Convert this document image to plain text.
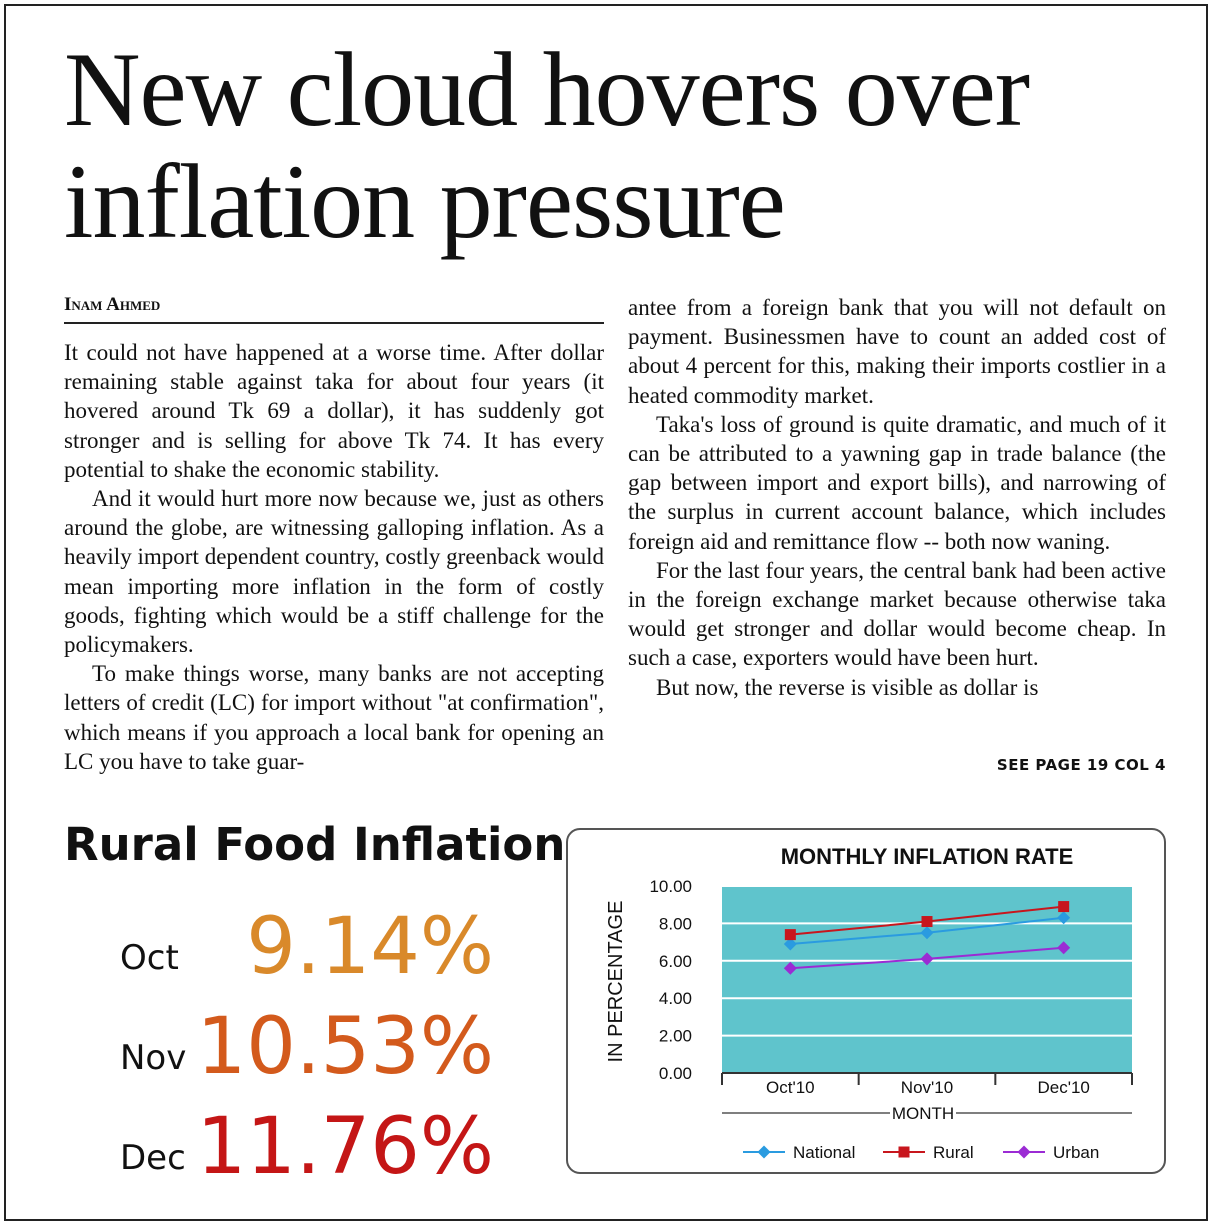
New cloud hovers over inflation pressure
Inam Ahmed

It could not have happened at a worse time. After dollar remaining stable against taka for about four years (it hovered around Tk 69 a dollar), it has suddenly got stronger and is selling for above Tk 74. It has every potential to shake the economic stability.

And it would hurt more now because we, just as others around the globe, are witnessing galloping inflation. As a heavily import dependent country, costly greenback would mean importing more inflation in the form of costly goods, fighting which would be a stiff challenge for the policymakers.

To make things worse, many banks are not accepting letters of credit (LC) for import without "at confirmation", which means if you approach a local bank for opening an LC you have to take guar-

antee from a foreign bank that you will not default on payment. Businessmen have to count an added cost of about 4 percent for this, making their imports costlier in a heated commodity market.

Taka's loss of ground is quite dramatic, and much of it can be attributed to a yawning gap in trade balance (the gap between import and export bills), and narrowing of the surplus in current account balance, which includes foreign aid and remittance flow -- both now waning.

For the last four years, the central bank had been active in the foreign exchange market because otherwise taka would get stronger and dollar would become cheap. In such a case, exporters would have been hurt.

But now, the reverse is visible as dollar is

SEE PAGE 19 COL 4
Rural Food Inflation
Oct 9.14%
Nov 10.53%
Dec 11.76%
MONTHLY INFLATION RATE
0.00
2.00
4.00
6.00
8.00
10.00
Oct'10	Nov'10	Dec'10
MONTH
IN PERCENTAGE
National	Rural	Urban
